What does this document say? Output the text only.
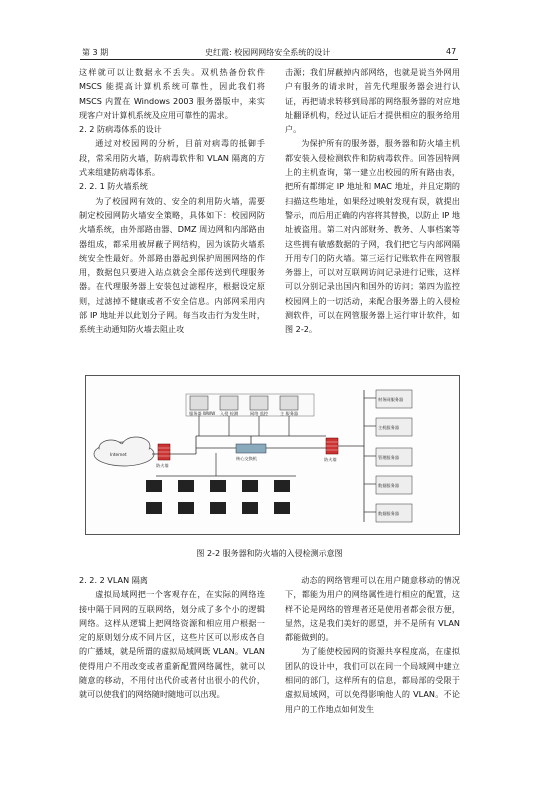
第 3 期	史红霞: 校园网网络安全系统的设计	47

这样就可以让数据永不丢失。双机热备份软件 MSCS 能提高计算机系统可靠性，因此我们将 MSCS 内置在 Windows 2003 服务器版中，来实现客户对计算机系统及应用可靠性的需求。

2. 2 防病毒体系的设计

通过对校园网的分析，目前对病毒的抵御手段，常采用防火墙，防病毒软件和 VLAN 隔离的方式来组建防病毒体系。

2. 2. 1 防火墙系统

为了校园网有效的、安全的利用防火墙，需要制定校园网防火墙安全策略，具体如下：校园网防火墙系统，由外部路由器、DMZ 周边网和内部路由器组成，都采用被屏蔽子网结构，因为该防火墙系统安全性最好。外部路由器起到保护周围网络的作用，数据包只要进入站点就会全部传送到代理服务器。在代理服务器上安装包过滤程序，根据设定原则，过滤掉不健康或者不安全信息。内部网采用内部 IP 地址并以此划分子网。每当攻击行为发生时，系统主动通知防火墙去阻止攻

击源；我们屏蔽掉内部网络，也就是说当外网用户有服务的请求时，首先代理服务器会进行认证，再把请求转移到局部的网络服务器的对应地址翻译机构，经过认证后才提供相应的服务给用户。

为保护所有的服务器，服务器和防火墙主机都安装入侵检测软件和防病毒软件。回答因特网上的主机查询，第一建立出校园的所有路由表，把所有都绑定 IP 地址和 MAC 地址，并且定期的扫描这些地址，如果经过映射发现有误，就提出警示，而后用正确的内容将其替换，以防止 IP 地址被盗用。第二对内部财务、教务、人事档案等这些拥有敏感数据的子网，我们把它与内部网隔开用专门的防火墙。第三运行记账软件在网管服务器上，可以对互联网访问记录进行记账，这样可以分别记录出国内和国外的访问；第四为监控校园网上的一切活动，来配合服务器上的入侵检测软件，可以在网管服务器上运行审计软件，如图 2-2。

Internet
防火墙
服务器 WWW 入侵 检测	网络 监控	主 服务器
核心交换机	防火墙
财务网服务器
主机服务器
管理服务器
数据服务器
数据服务器
图 2-2 服务器和防火墙的入侵检测示意图

2. 2. 2 VLAN 隔离

虚拟局域网把一个客观存在，在实际的网络连接中隔于同网的互联网络，划分成了多个小的逻辑网络。这样从逻辑上把网络资源和相应用户根据一定的原则划分成不同片区，这些片区可以形成各自的广播域，就是所谓的虚拟局域网既 VLAN。VLAN 使得用户不用改变或者重新配置网络属性，就可以随意的移动，不用付出代价或者付出很小的代价，就可以使我们的网络随时随地可以出现。

动态的网络管理可以在用户随意移动的情况下，都能为用户的网络属性进行相应的配置，这样不论是网络的管理者还是使用者都会很方便，显然，这是我们美好的愿望，并不是所有 VLAN 都能做到的。

为了能使校园网的资源共享程度高，在虚拟团队的设计中，我们可以在同一个局域网中建立相同的部门，这样所有的信息，都局部的受限于虚拟局域网，可以免得影响他人的 VLAN。不论用户的工作地点如何发生
